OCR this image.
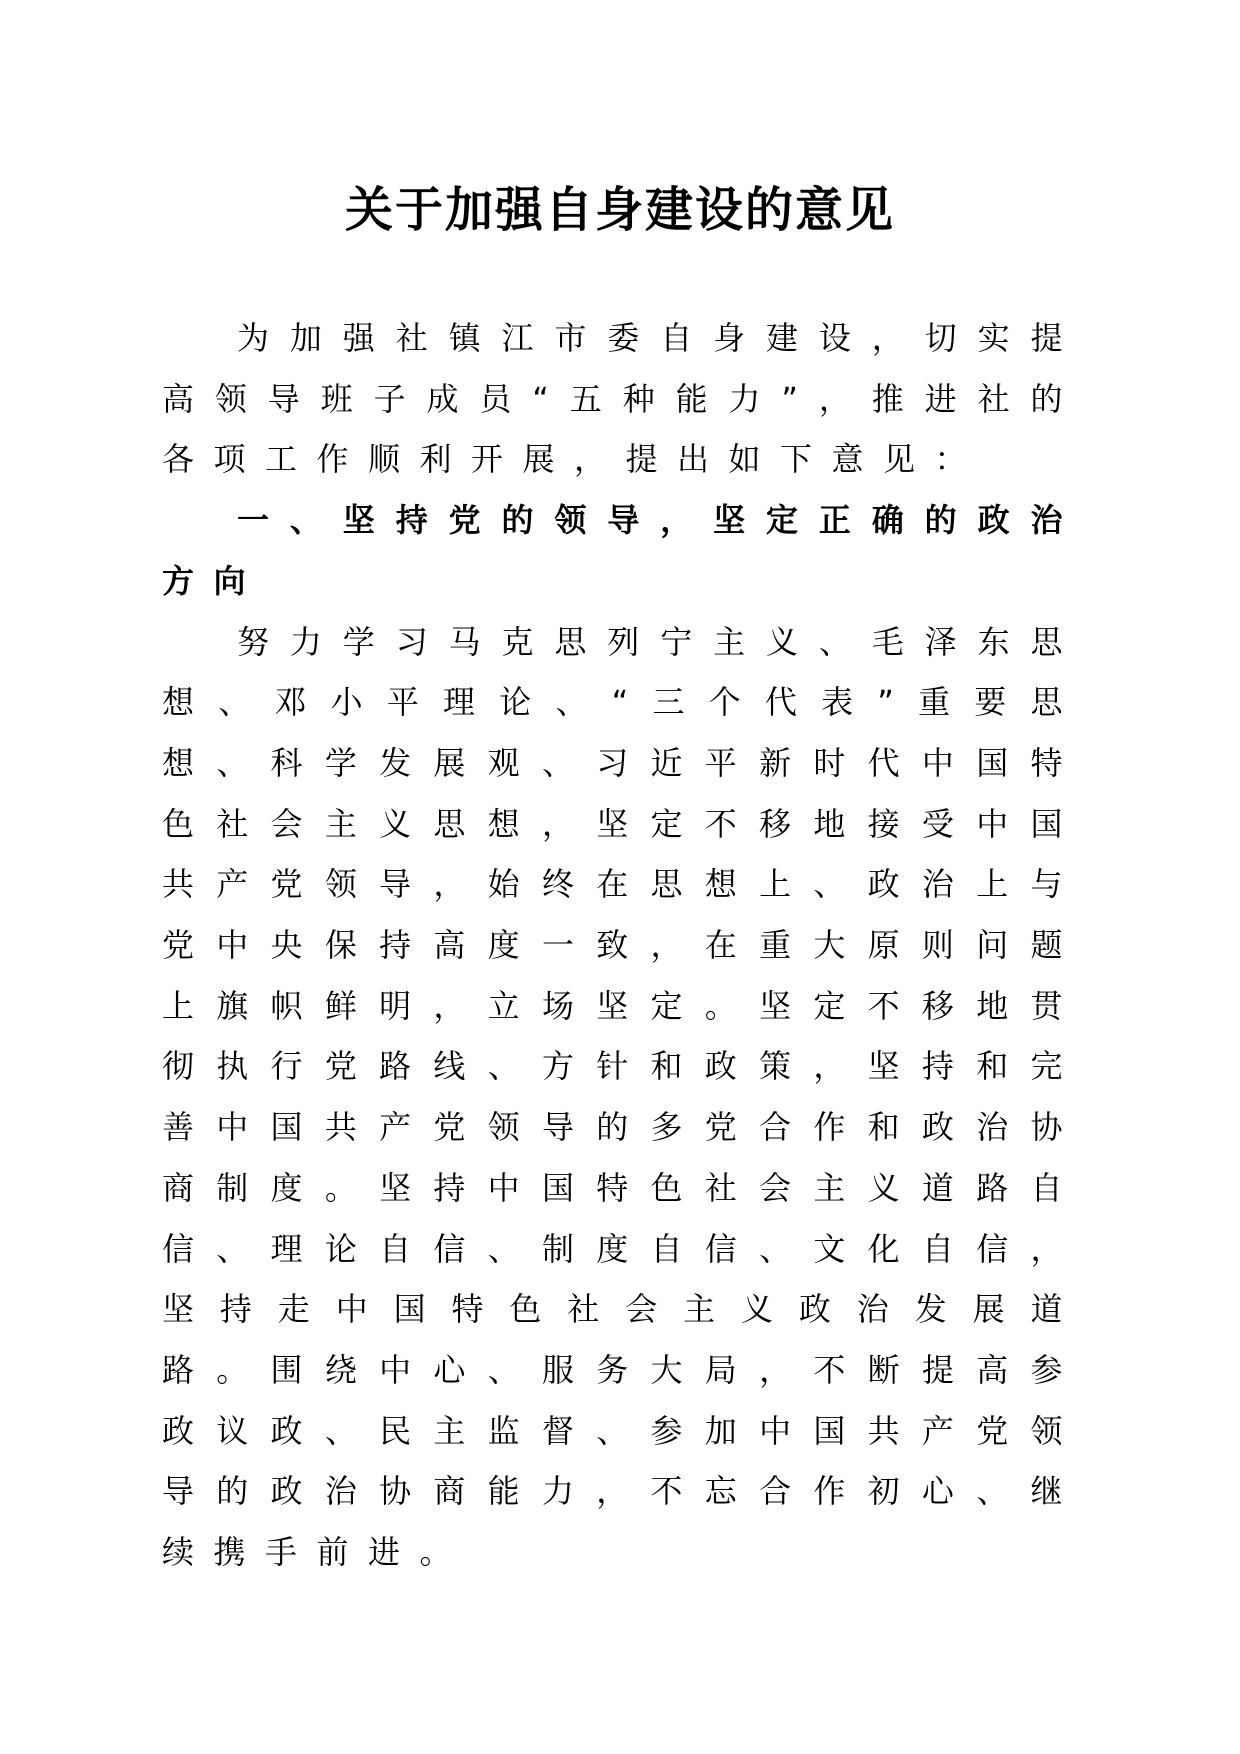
关于加强自身建设的意见

为加强社镇江市委自身建设，切实提高领导班子成员“五种能力”，推进社的各项工作顺利开展，提出如下意见：

一、坚持党的领导，坚定正确的政治方向

努力学习马克思列宁主义、毛泽东思想、邓小平理论、“三个代表”重要思想、科学发展观、习近平新时代中国特色社会主义思想，坚定不移地接受中国共产党领导，始终在思想上、政治上与党中央保持高度一致，在重大原则问题上旗帜鲜明，立场坚定。坚定不移地贯彻执行党路线、方针和政策，坚持和完善中国共产党领导的多党合作和政治协商制度。坚持中国特色社会主义道路自信、理论自信、制度自信、文化自信，坚持走中国特色社会主义政治发展道路。围绕中心、服务大局，不断提高参政议政、民主监督、参加中国共产党领导的政治协商能力，不忘合作初心、继续携手前进。
